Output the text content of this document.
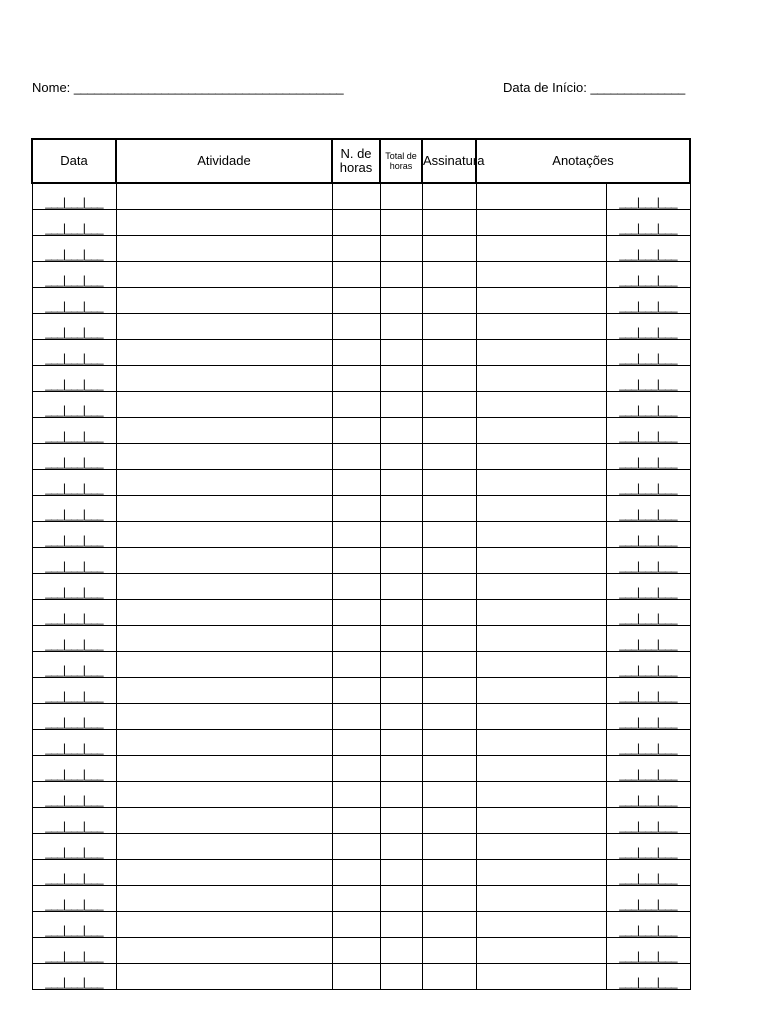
Nome: ________________________________________	Data de Início: ______________
Data	Atividade	N. de horas	Total de horas	Assinatura	Anotações	
___|___|___						___|___|___
___|___|___						___|___|___
___|___|___						___|___|___
___|___|___						___|___|___
___|___|___						___|___|___
___|___|___						___|___|___
___|___|___						___|___|___
___|___|___						___|___|___
___|___|___						___|___|___
___|___|___						___|___|___
___|___|___						___|___|___
___|___|___						___|___|___
___|___|___						___|___|___
___|___|___						___|___|___
___|___|___						___|___|___
___|___|___						___|___|___
___|___|___						___|___|___
___|___|___						___|___|___
___|___|___						___|___|___
___|___|___						___|___|___
___|___|___						___|___|___
___|___|___						___|___|___
___|___|___						___|___|___
___|___|___						___|___|___
___|___|___						___|___|___
___|___|___						___|___|___
___|___|___						___|___|___
___|___|___						___|___|___
___|___|___						___|___|___
___|___|___						___|___|___
___|___|___						___|___|___
